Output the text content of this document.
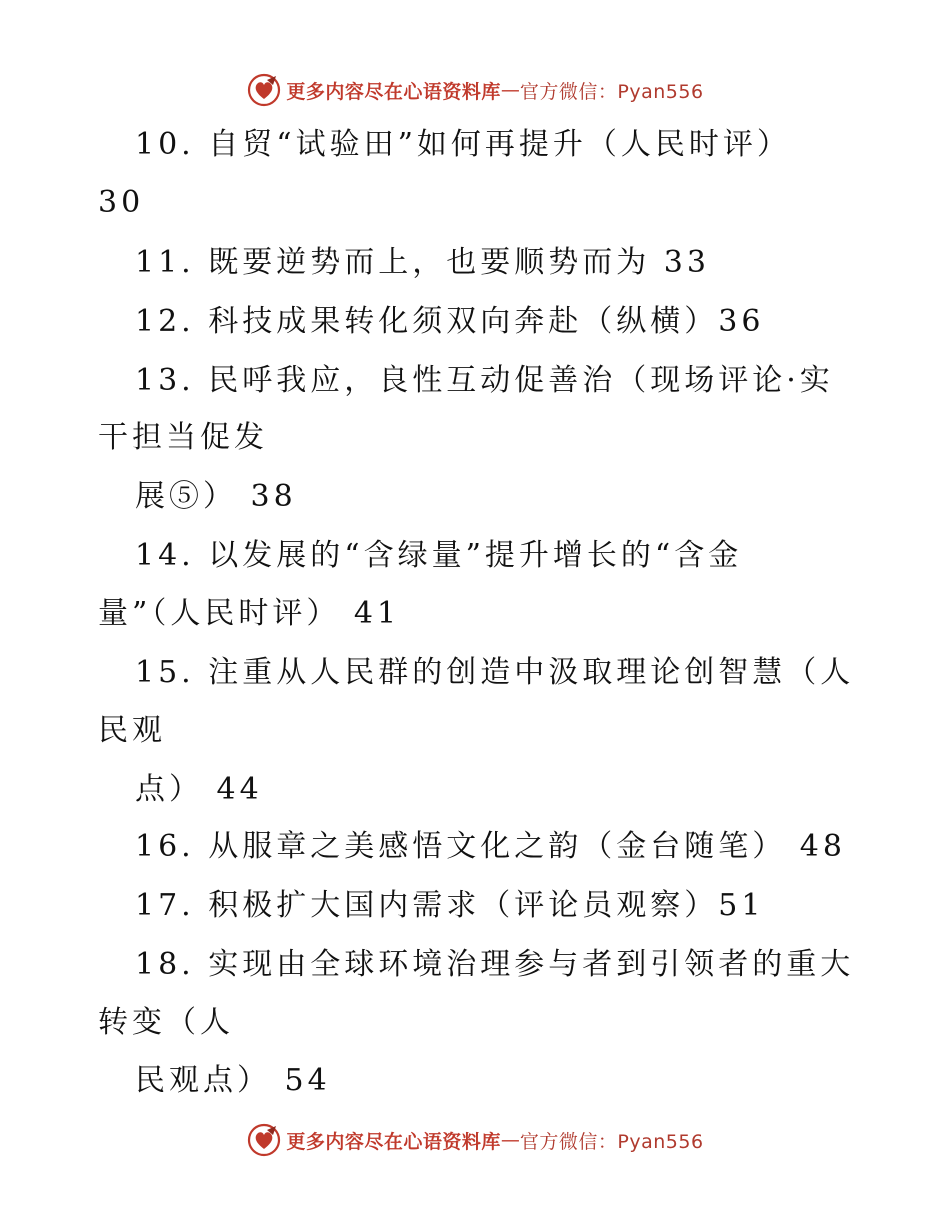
更多内容尽在心语资料库 — 官方微信：Pyan556
10. 自贸“试验田”如何再提升（人民时评）
30
11. 既要逆势而上，也要顺势而为 33
12. 科技成果转化须双向奔赴（纵横）36
13. 民呼我应，良性互动促善治（现场评论·实
干担当促发
展⑤） 38
14. 以发展的“含绿量”提升增长的“含金
量”（人民时评） 41
15. 注重从人民群的创造中汲取理论创智慧（人
民观
点） 44
16. 从服章之美感悟文化之韵（金台随笔） 48
17. 积极扩大国内需求（评论员观察）51
18. 实现由全球环境治理参与者到引领者的重大
转变（人
民观点） 54
更多内容尽在心语资料库 — 官方微信：Pyan556
